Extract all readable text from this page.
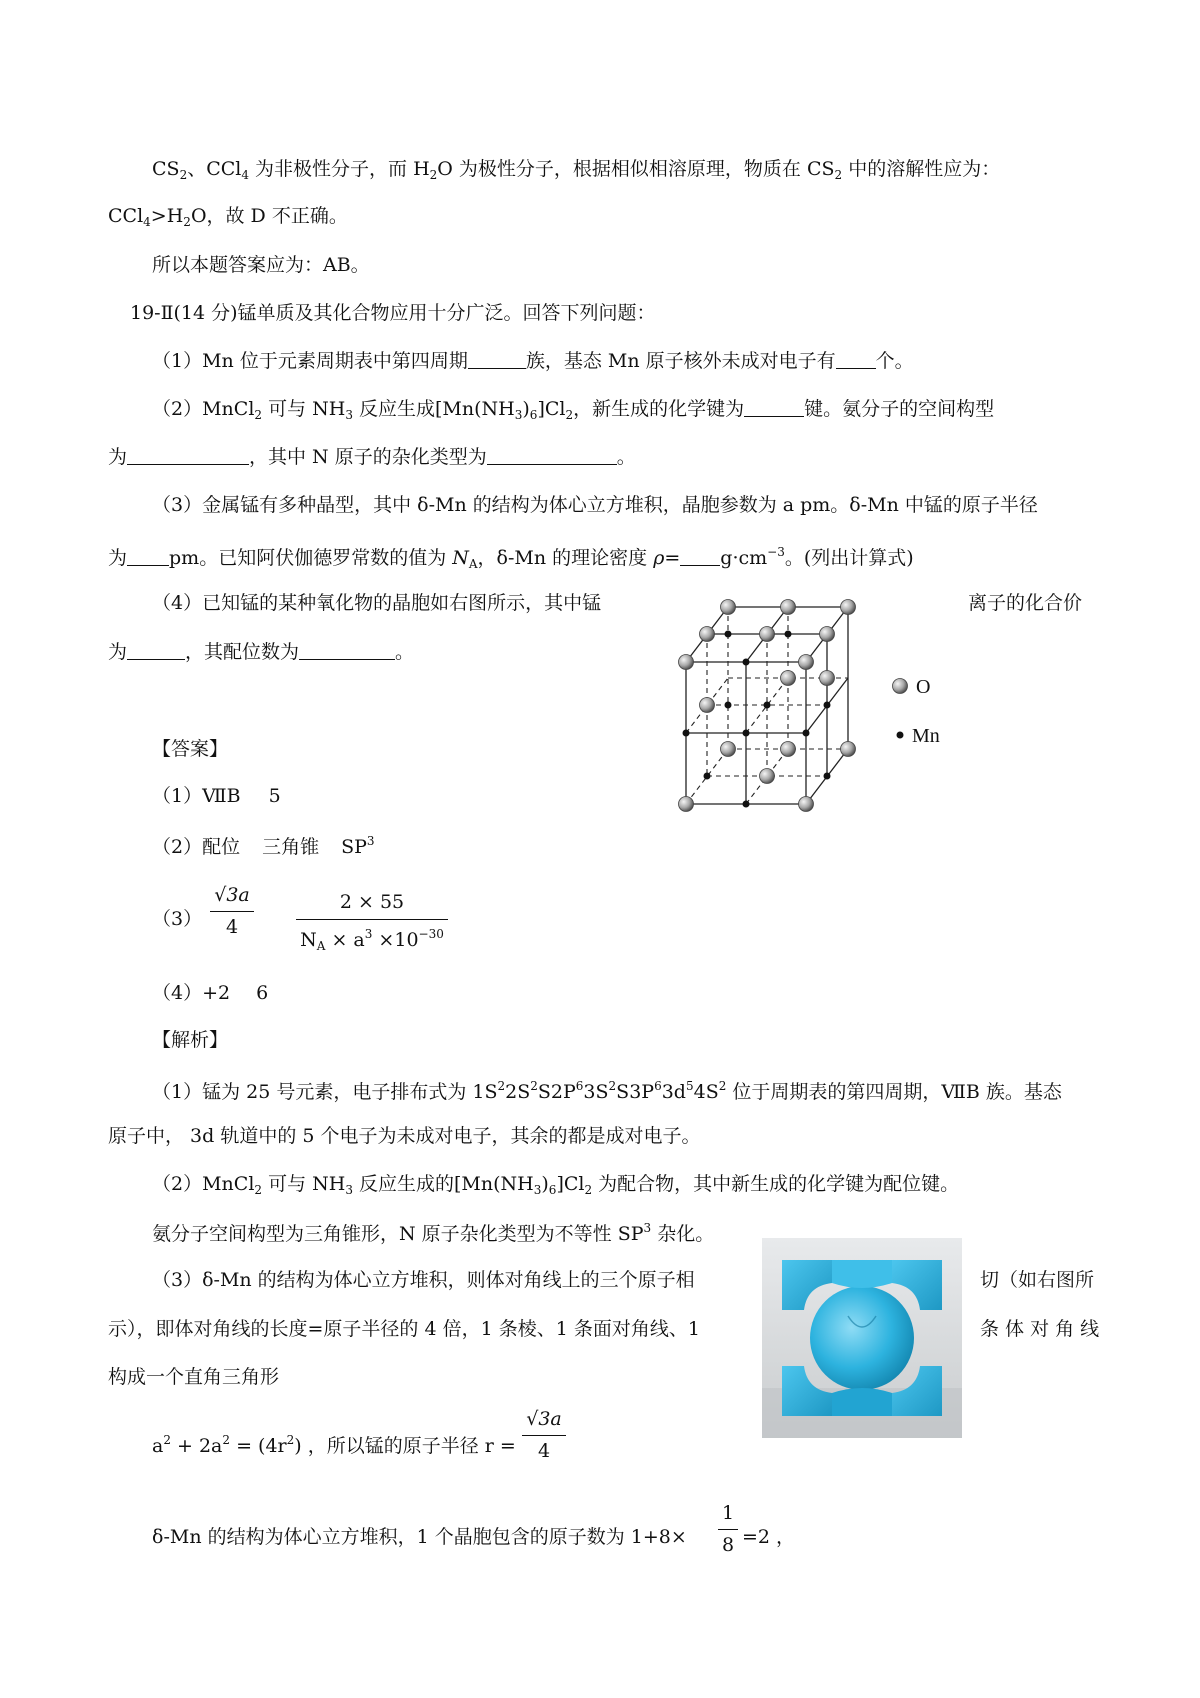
$CS_2$、CCl$_4$ 为非极性分子，而 $H_2O$ 为极性分子，根据相似相溶原理，物质在 $CS_2$ 中的溶解性应为：
$CCl_4>H_2O$，故 D 不正确。
所以本题答案应为：AB。
19-Ⅱ(14 分)锰单质及其化合物应用十分广泛。回答下列问题：
（1）Mn 位于元素周期表中第四周期	族，基态 Mn 原子核外未成对电子有 个。
（2）MnCl$_2$ 可与 $NH_3$ 反应生成$[Mn(NH_3)_6]Cl_2$，新生成的化学键为	键。氨分子的空间构型
为	，其中 N 原子的杂化类型为	。
（3）金属锰有多种晶型，其中 δ-Mn 的结构为体心立方堆积，晶胞参数为 a pm。δ-Mn 中锰的原子半径
为 pm。已知阿伏伽德罗常数的值为 $N_A$，δ-Mn 的理论密度 $\rho= g\cdot cm^{-3}$。(列出计算式)
（4）已知锰的某种氧化物的晶胞如右图所示，其中锰	离子的化合价
为	，其配位数为	。
O
Mn
【答案】
（1）ⅦB 5
（2）配位 三角锥 $SP^3$
（3）
√3a
4
2 × 55
$N_A \times a^3 \times 10^{-30}$
（4）+2 6
【解析】
（1）锰为 25 号元素，电子排布式为 $1S^22S^2S2P^63S^2S3P^63d^54S^2$ 位于周期表的第四周期，ⅦB 族。基态
原子中， 3d 轨道中的 5 个电子为未成对电子，其余的都是成对电子。
（2）MnCl$_2$ 可与 $NH_3$ 反应生成的$[Mn(NH_3)_6]Cl_2$ 为配合物，其中新生成的化学键为配位键。
氨分子空间构型为三角锥形，N 原子杂化类型为不等性 $SP^3$ 杂化。
（3）δ-Mn 的结构为体心立方堆积，则体对角线上的三个原子相	切（如右图所
示），即体对角线的长度=原子半径的 4 倍，1 条棱、1 条面对角线、1	条 体 对 角 线
构成一个直角三角形
$a^2 + 2a^2 = (4r^2)$ ，所以锰的原子半径 r =
√3a
4
δ-Mn 的结构为体心立方堆积，1 个晶胞包含的原子数为 1+8×
1
8 =2 ，
